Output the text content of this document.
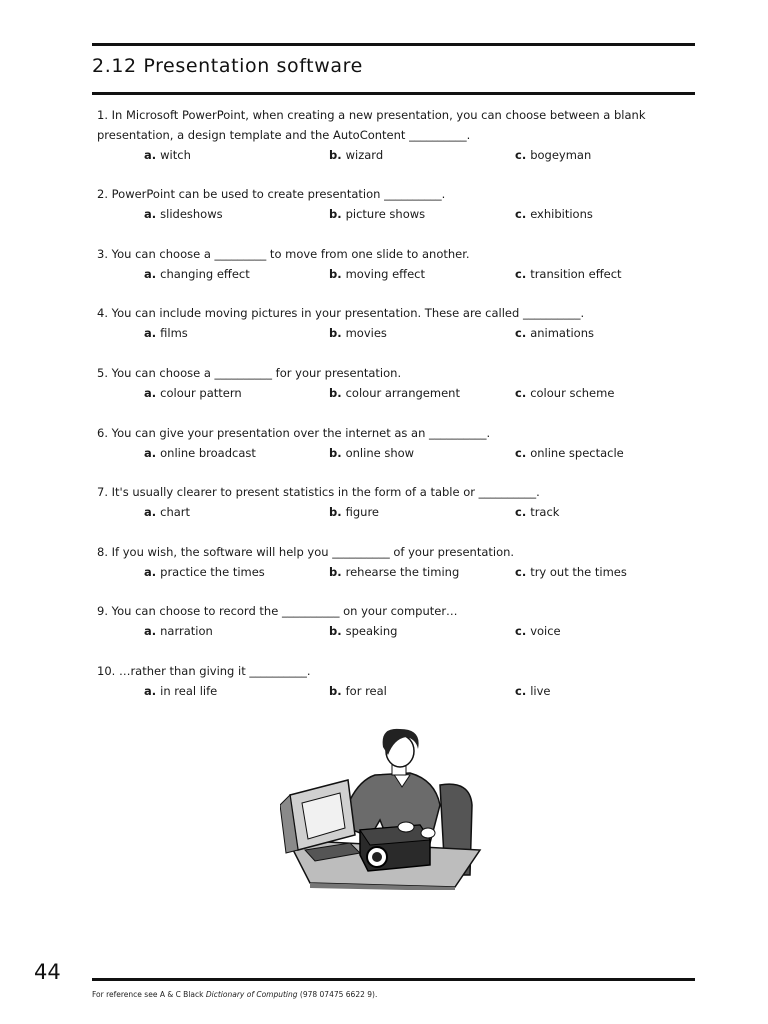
2.12 Presentation software
1. In Microsoft PowerPoint, when creating a new presentation, you can choose between a blank
presentation, a design template and the AutoContent __________.
a. witch	b. wizard	c. bogeyman
2. PowerPoint can be used to create presentation __________.
a. slideshows	b. picture shows	c. exhibitions
3. You can choose a _________ to move from one slide to another.
a. changing effect	b. moving effect	c. transition effect
4. You can include moving pictures in your presentation. These are called __________.
a. films	b. movies	c. animations
5. You can choose a __________ for your presentation.
a. colour pattern	b. colour arrangement	c. colour scheme
6. You can give your presentation over the internet as an __________.
a. online broadcast	b. online show	c. online spectacle
7. It's usually clearer to present statistics in the form of a table or __________.
a. chart	b. figure	c. track
8. If you wish, the software will help you __________ of your presentation.
a. practice the times	b. rehearse the timing	c. try out the times
9. You can choose to record the __________ on your computer…
a. narration	b. speaking	c. voice
10. …rather than giving it __________.
a. in real life	b. for real	c. live
44
For reference see A & C Black Dictionary of Computing (978 07475 6622 9).
